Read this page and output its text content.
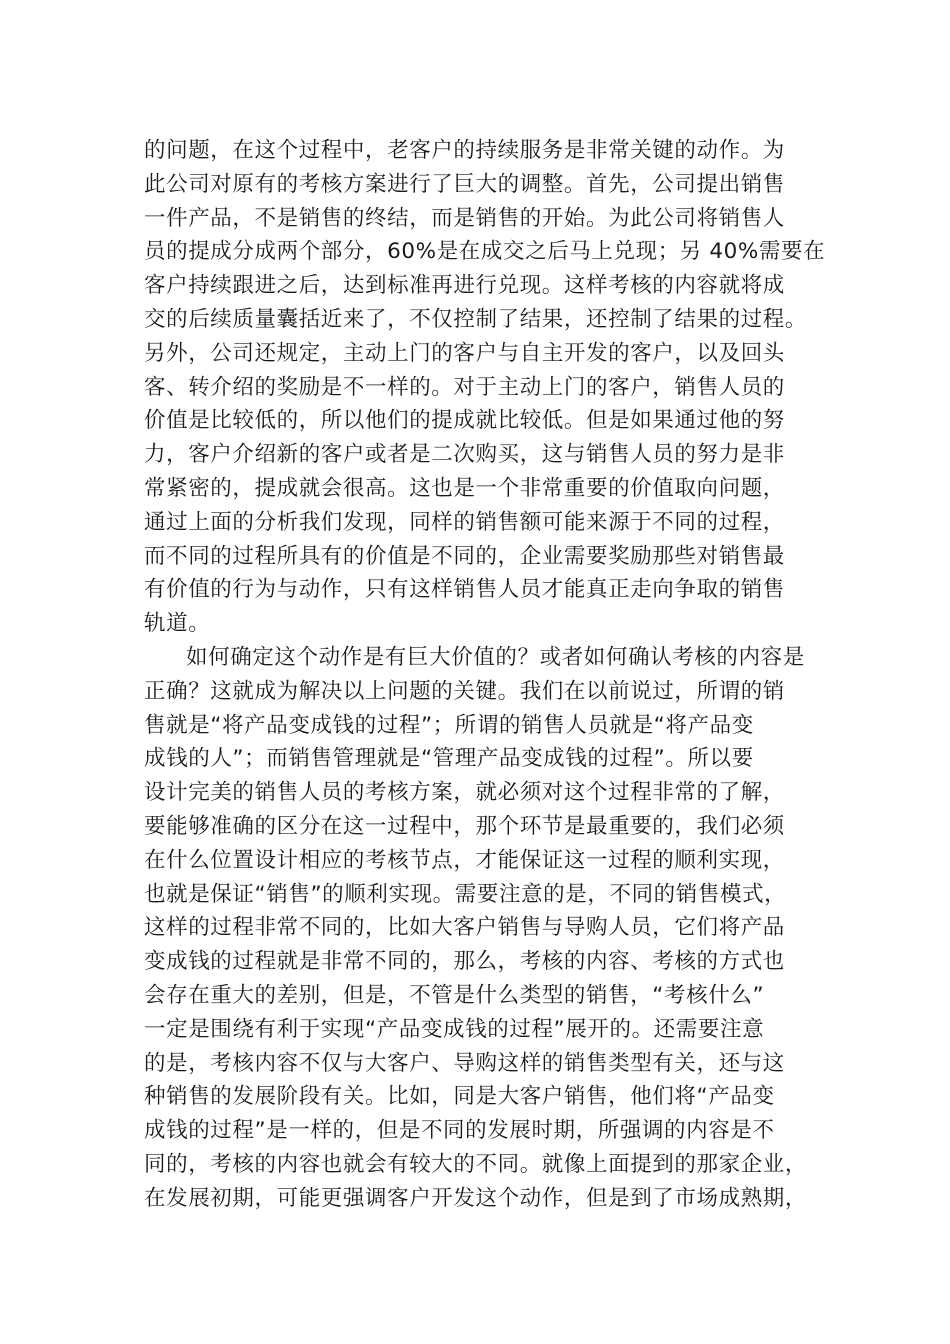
的问题，在这个过程中，老客户的持续服务是非常关键的动作。为
此公司对原有的考核方案进行了巨大的调整。首先，公司提出销售
一件产品，不是销售的终结，而是销售的开始。为此公司将销售人
员的提成分成两个部分，60%是在成交之后马上兑现；另 40%需要在
客户持续跟进之后，达到标准再进行兑现。这样考核的内容就将成
交的后续质量囊括近来了，不仅控制了结果，还控制了结果的过程。
另外，公司还规定，主动上门的客户与自主开发的客户，以及回头
客、转介绍的奖励是不一样的。对于主动上门的客户，销售人员的
价值是比较低的，所以他们的提成就比较低。但是如果通过他的努
力，客户介绍新的客户或者是二次购买，这与销售人员的努力是非
常紧密的，提成就会很高。这也是一个非常重要的价值取向问题，
通过上面的分析我们发现，同样的销售额可能来源于不同的过程，
而不同的过程所具有的价值是不同的，企业需要奖励那些对销售最
有价值的行为与动作，只有这样销售人员才能真正走向争取的销售
轨道。
如何确定这个动作是有巨大价值的？或者如何确认考核的内容是
正确？这就成为解决以上问题的关键。我们在以前说过，所谓的销
售就是“将产品变成钱的过程”；所谓的销售人员就是“将产品变
成钱的人”；而销售管理就是“管理产品变成钱的过程”。所以要
设计完美的销售人员的考核方案，就必须对这个过程非常的了解，
要能够准确的区分在这一过程中，那个环节是最重要的，我们必须
在什么位置设计相应的考核节点，才能保证这一过程的顺利实现，
也就是保证“销售”的顺利实现。需要注意的是，不同的销售模式，
这样的过程非常不同的，比如大客户销售与导购人员，它们将产品
变成钱的过程就是非常不同的，那么，考核的内容、考核的方式也
会存在重大的差别，但是，不管是什么类型的销售，“考核什么”
一定是围绕有利于实现“产品变成钱的过程”展开的。还需要注意
的是，考核内容不仅与大客户、导购这样的销售类型有关，还与这
种销售的发展阶段有关。比如，同是大客户销售，他们将“产品变
成钱的过程”是一样的，但是不同的发展时期，所强调的内容是不
同的，考核的内容也就会有较大的不同。就像上面提到的那家企业，
在发展初期，可能更强调客户开发这个动作，但是到了市场成熟期，
